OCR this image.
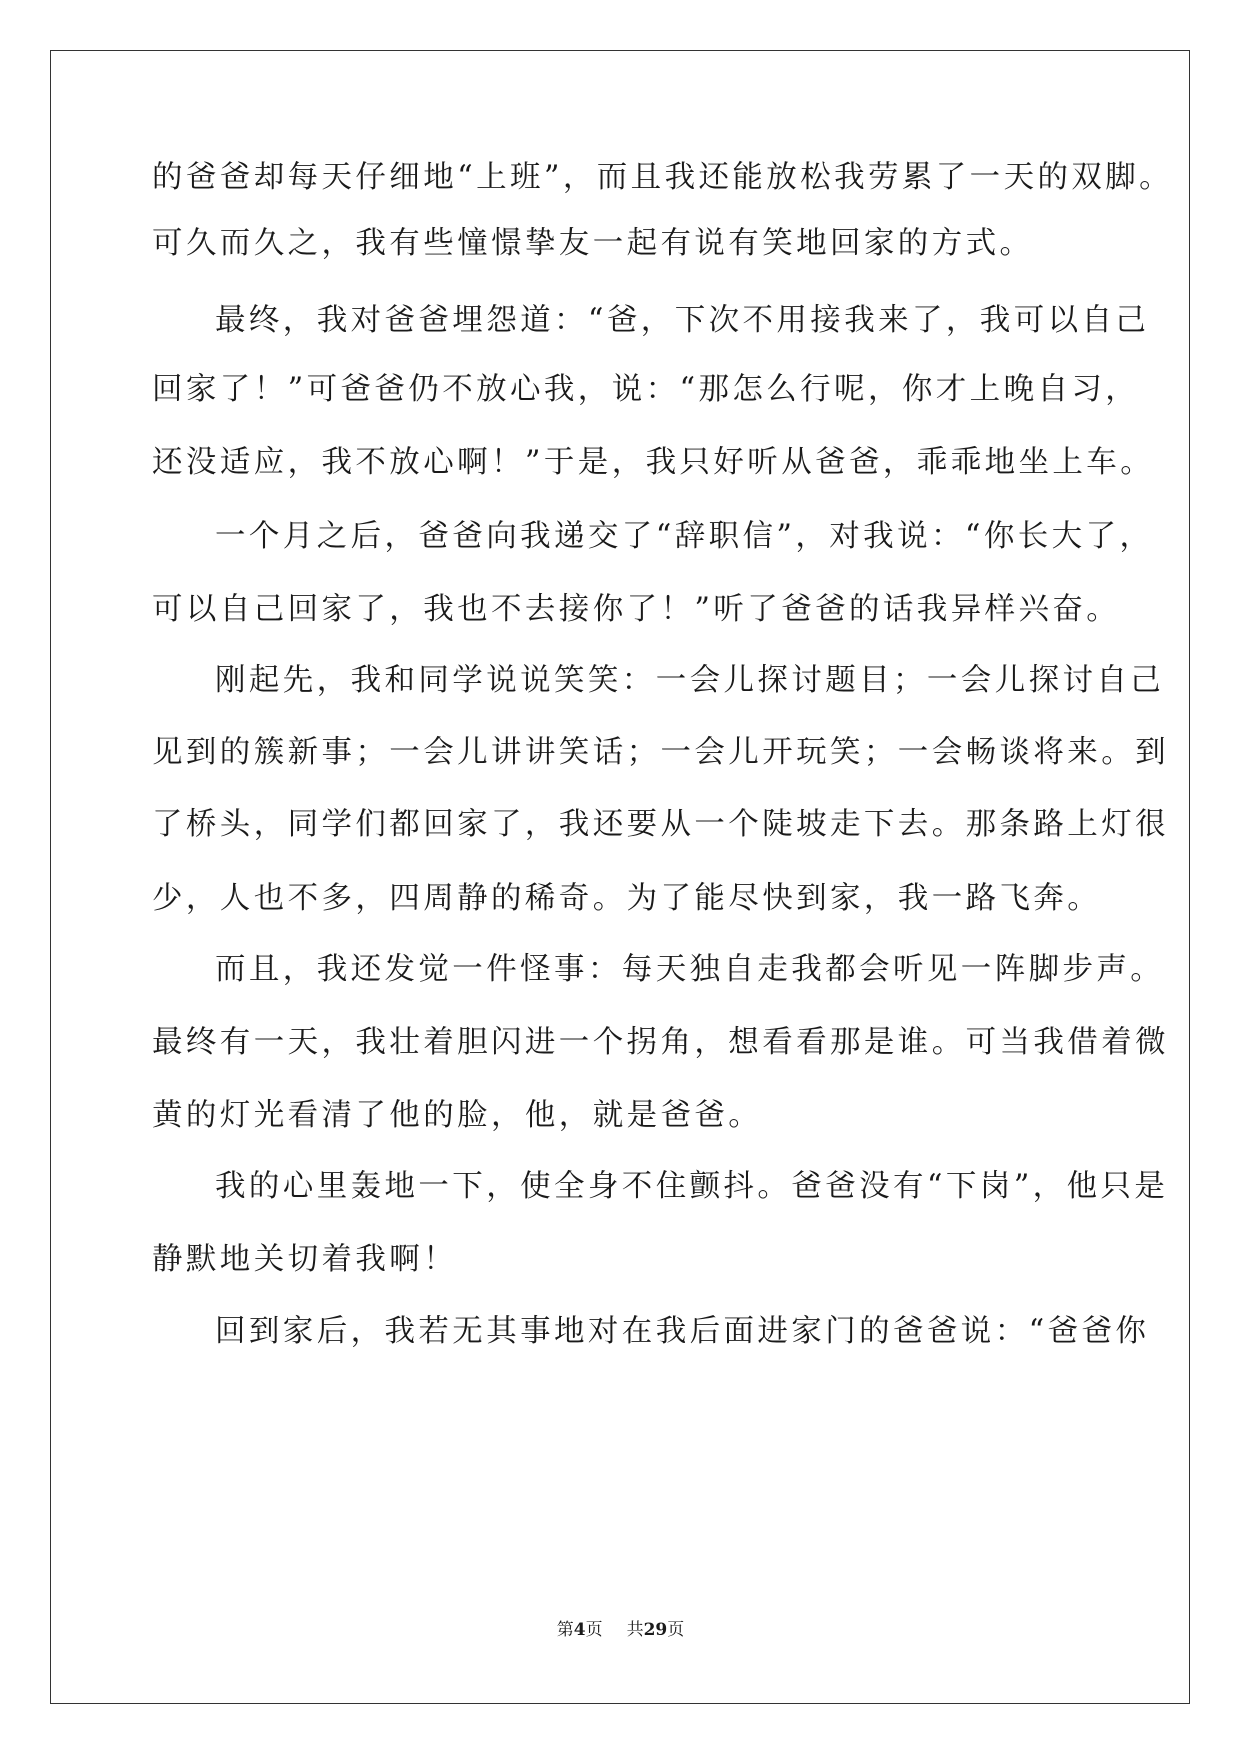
的爸爸却每天仔细地“上班”，而且我还能放松我劳累了一天的双脚。
可久而久之，我有些憧憬挚友一起有说有笑地回家的方式。
最终，我对爸爸埋怨道：“爸，下次不用接我来了，我可以自己
回家了！”可爸爸仍不放心我，说：“那怎么行呢，你才上晚自习，
还没适应，我不放心啊！”于是，我只好听从爸爸，乖乖地坐上车。
一个月之后，爸爸向我递交了“辞职信”，对我说：“你长大了，
可以自己回家了，我也不去接你了！”听了爸爸的话我异样兴奋。
刚起先，我和同学说说笑笑：一会儿探讨题目；一会儿探讨自己
见到的簇新事；一会儿讲讲笑话；一会儿开玩笑；一会畅谈将来。到
了桥头，同学们都回家了，我还要从一个陡坡走下去。那条路上灯很
少，人也不多，四周静的稀奇。为了能尽快到家，我一路飞奔。
而且，我还发觉一件怪事：每天独自走我都会听见一阵脚步声。
最终有一天，我壮着胆闪进一个拐角，想看看那是谁。可当我借着微
黄的灯光看清了他的脸，他，就是爸爸。
我的心里轰地一下，使全身不住颤抖。爸爸没有“下岗”，他只是
静默地关切着我啊！
回到家后，我若无其事地对在我后面进家门的爸爸说：“爸爸你
第4页 共29页
